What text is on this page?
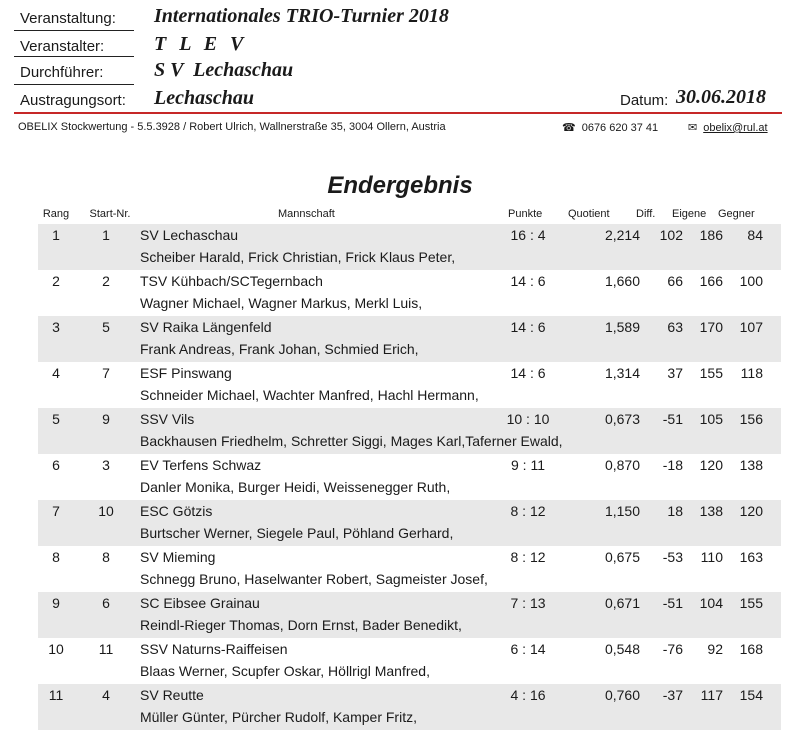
Veranstaltung: Internationales TRIO-Turnier 2018
Veranstalter: T L E V
Durchführer:	S V  Lechaschau
Austragungsort: Lechaschau	Datum: 30.06.2018
OBELIX Stockwertung - 5.5.3928 / Robert Ulrich, Wallnerstraße 35, 3004 Ollern, Austria	☎ 0676 620 37 41	✉ obelix@rul.at
Endergebnis
Rang	Start-Nr.	Mannschaft	Punkte Quotient Diff. Eigene Gegner
1	1	SV Lechaschau	16 : 4	2,214	102	186	84
Scheiber Harald, Frick Christian, Frick Klaus Peter,
2	2	TSV Kühbach/SCTegernbach	14 : 6	1,660	66	166	100
Wagner Michael, Wagner Markus, Merkl Luis,
3	5	SV Raika Längenfeld	14 : 6	1,589	63	170	107
Frank Andreas, Frank Johan, Schmied Erich,
4	7	ESF Pinswang	14 : 6	1,314	37	155	118
Schneider Michael, Wachter Manfred, Hachl Hermann,
5	9	SSV Vils	10 : 10	0,673	-51	105	156
Backhausen Friedhelm, Schretter Siggi, Mages Karl,Taferner Ewald,
6	3	EV Terfens Schwaz	9 : 11	0,870	-18	120	138
Danler Monika, Burger Heidi, Weissenegger Ruth,
7	10	ESC Götzis	8 : 12	1,150	18	138	120
Burtscher Werner, Siegele Paul, Pöhland Gerhard,
8	8	SV Mieming	8 : 12	0,675	-53	110	163
Schnegg Bruno, Haselwanter Robert, Sagmeister Josef,
9	6	SC Eibsee Grainau	7 : 13	0,671	-51	104	155
Reindl-Rieger Thomas, Dorn Ernst, Bader Benedikt,
10	11	SSV Naturns-Raiffeisen	6 : 14	0,548	-76	92	168
Blaas Werner, Scupfer Oskar, Höllrigl Manfred,
11	4	SV Reutte	4 : 16	0,760	-37	117	154
Müller Günter, Pürcher Rudolf, Kamper Fritz,
